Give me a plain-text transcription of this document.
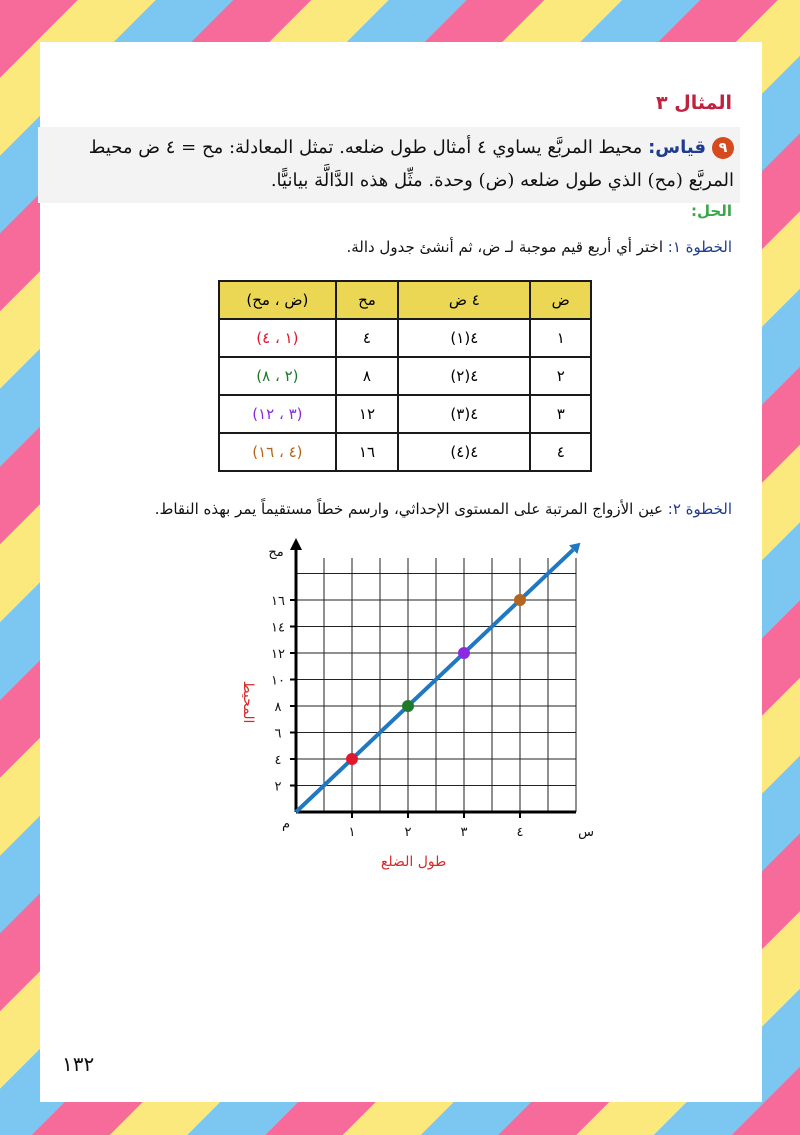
المثال ٣

٩قياس: محيط المربَّع يساوي ٤ أمثال طول ضلعه. تمثل المعادلة: مح = ٤ ض محيط المربَّع (مح) الذي طول ضلعه (ض) وحدة. مثِّل هذه الدَّالَّة بيانيًّا.

الحل:

الخطوة ١: اختر أي أربع قيم موجبة لـ ض، ثم أنشئ جدول دالة.

ض	٤ ض	مح	(ض ، مح)
١	٤(١)	٤	(١ ، ٤)
٢	٤(٢)	٨	(٢ ، ٨)
٣	٤(٣)	١٢	(٣ ، ١٢)
٤	٤(٤)	١٦	(٤ ، ١٦)

الخطوة ٢: عين الأزواج المرتبة على المستوى الإحداثي، وارسم خطاً مستقيماً يمر بهذه النقاط.

١	٢	٣	٤
٢
٤
٦
٨
١٠
١٢
١٤
١٦
س
مح
م
طول الضلع
المحيط

١٣٢
